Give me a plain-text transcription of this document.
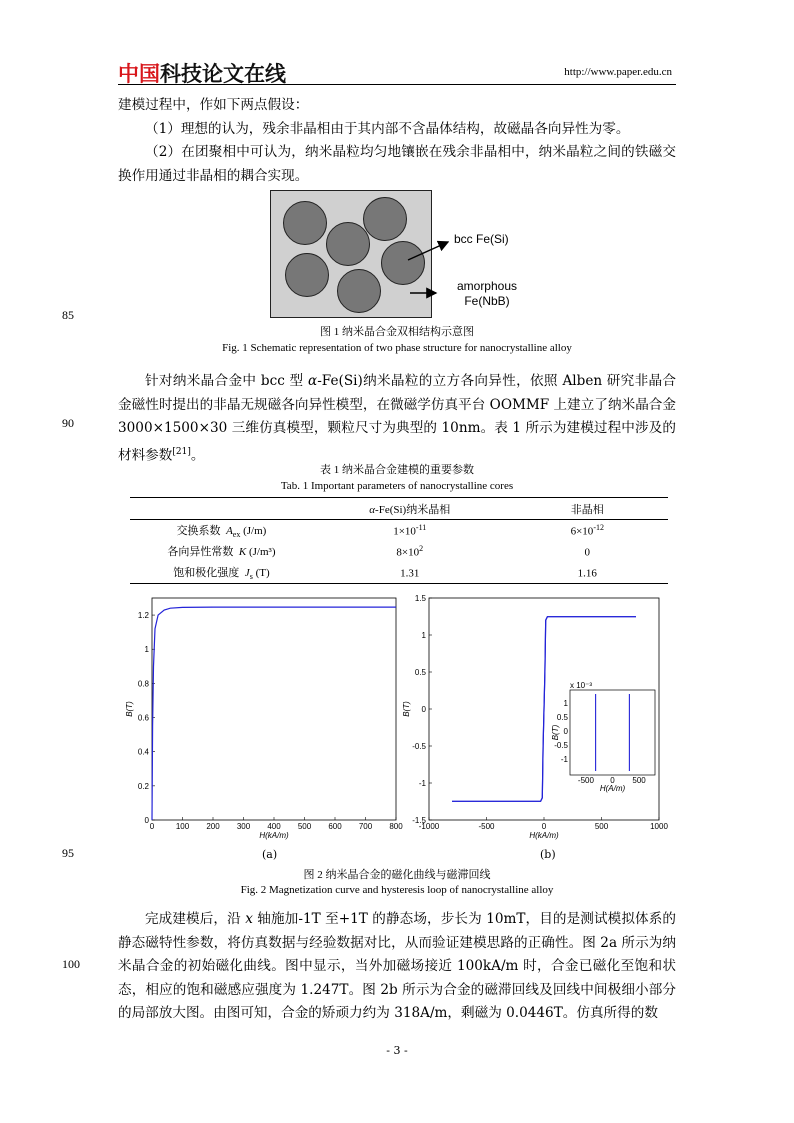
中国科技论文在线	http://www.paper.edu.cn
建模过程中，作如下两点假设：
（1）理想的认为，残余非晶相由于其内部不含晶体结构，故磁晶各向异性为零。
（2）在团聚相中可认为，纳米晶粒均匀地镶嵌在残余非晶相中，纳米晶粒之间的铁磁交换作用通过非晶相的耦合实现。
bcc Fe(Si)
amorphous
Fe(NbB)
85
图 1 纳米晶合金双相结构示意图
Fig. 1 Schematic representation of two phase structure for nanocrystalline alloy
针对纳米晶合金中 bcc 型 α-Fe(Si)纳米晶粒的立方各向异性，依照 Alben 研究非晶合金磁性时提出的非晶无规磁各向异性模型，在微磁学仿真平台 OOMMF 上建立了纳米晶合金 3000×1500×30 三维仿真模型，颗粒尺寸为典型的 10nm。表 1 所示为建模过程中涉及的材料参数[21]。
90
表 1 纳米晶合金建模的重要参数
Tab. 1 Important parameters of nanocrystalline cores
	α-Fe(Si)纳米晶相	非晶相
交换系数 $A_{ex}$ (J/m)	$1\times 10^{-11}$	$6\times 10^{-12}$
各向异性常数 K (J/m³)	$8\times 10^2$	0
饱和极化强度 $J_s$ (T)	1.31	1.16
0	100 200 300 400 500 600 700 800
0
0.2
0.4
0.6
0.8
1
1.2
H(kA/m)
B(T)
-1000	-500	0	500	1000
1.5
1
0.5
0
-0.5
-1
-1.5
H(kA/m)
B(T)
-500 0 500
1
0.5
0
-0.5
-1
x 10⁻³
H(A/m)
B(T)
(a)	(b)
95
图 2 纳米晶合金的磁化曲线与磁滞回线
Fig. 2 Magnetization curve and hysteresis loop of nanocrystalline alloy
完成建模后，沿 x 轴施加-1T 至+1T 的静态场，步长为 10mT，目的是测试模拟体系的静态磁特性参数，将仿真数据与经验数据对比，从而验证建模思路的正确性。图 2a 所示为纳米晶合金的初始磁化曲线。图中显示，当外加磁场接近 100kA/m 时，合金已磁化至饱和状态，相应的饱和磁感应强度为 1.247T。图 2b 所示为合金的磁滞回线及回线中间极细小部分的局部放大图。由图可知，合金的矫顽力约为 318A/m，剩磁为 0.0446T。仿真所得的数
100
- 3 -
